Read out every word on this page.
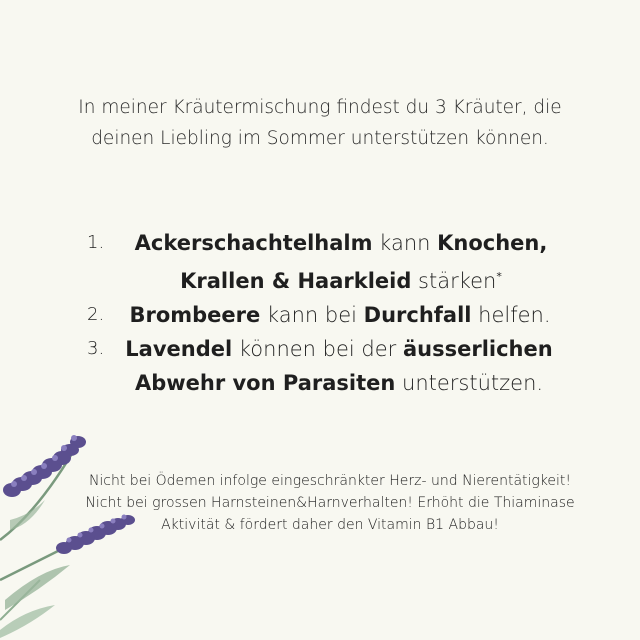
In meiner Kräutermischung findest du 3 Kräuter, die
deinen Liebling im Sommer unterstützen können.
1.	Ackerschachtelhalm kann Knochen,
Krallen & Haarkleid stärken*
2.	Brombeere kann bei Durchfall helfen.
3.	Lavendel können bei der äusserlichen
Abwehr von Parasiten unterstützen.
Nicht bei Ödemen infolge eingeschränkter Herz- und Nierentätigkeit!
Nicht bei grossen Harnsteinen&Harnverhalten! Erhöht die Thiaminase
Aktivität & fördert daher den Vitamin B1 Abbau!
